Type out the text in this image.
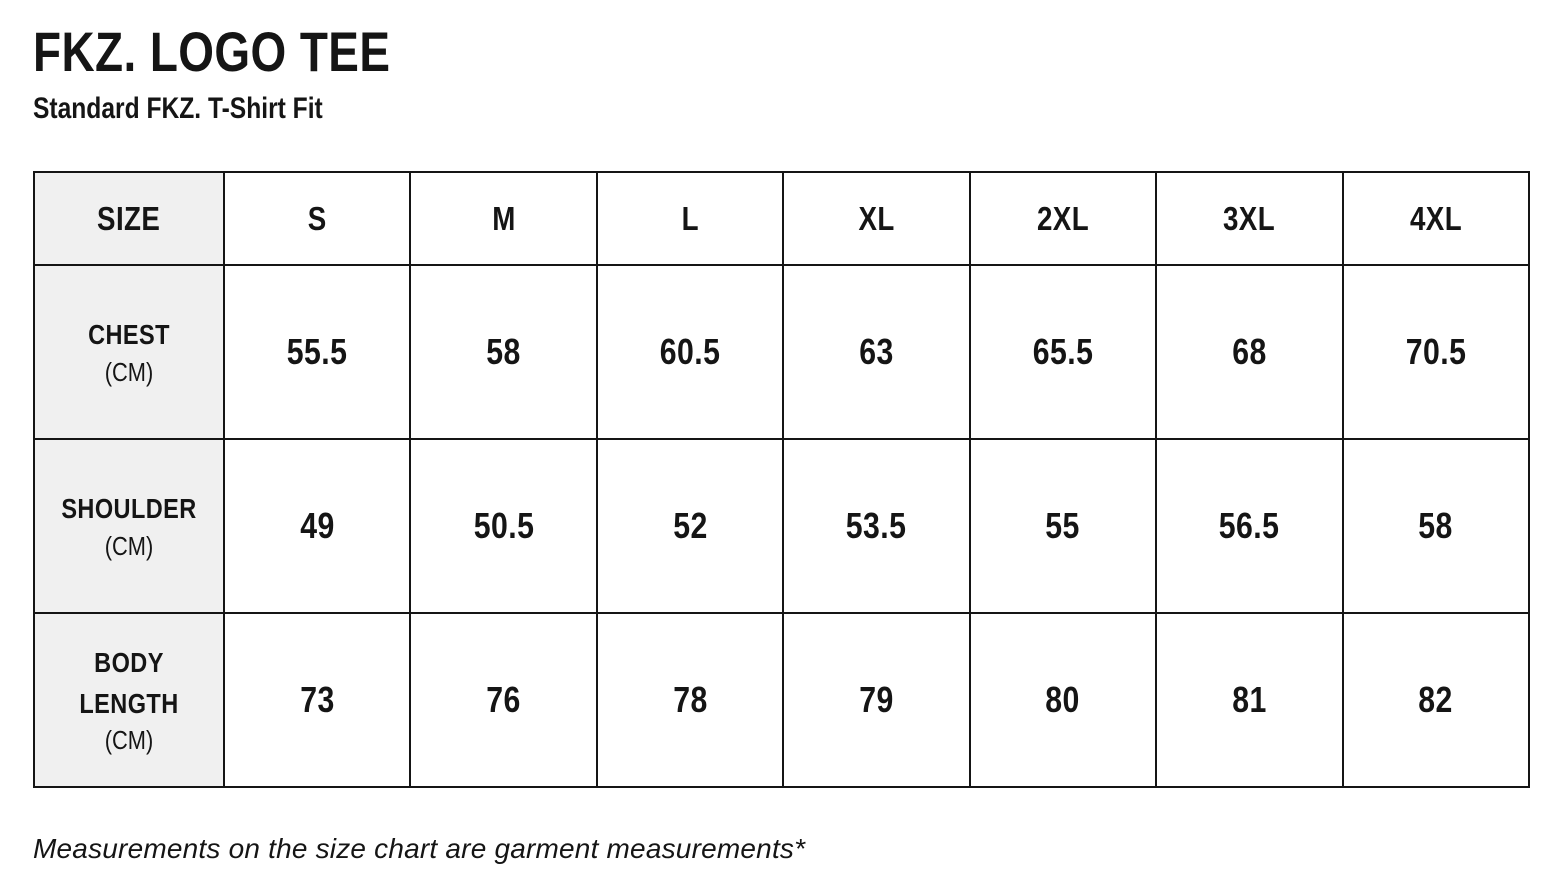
FKZ. LOGO TEE
Standard FKZ. T-Shirt Fit
SIZE	S	M	L	XL	2XL	3XL	4XL

CHEST
(CM)	55.5	58	60.5	63	65.5	68	70.5

SHOULDER
(CM)	49	50.5	52	53.5	55	56.5	58

BODY LENGTH
(CM)	73	76	78	79	80	81	82

Measurements on the size chart are garment measurements*
